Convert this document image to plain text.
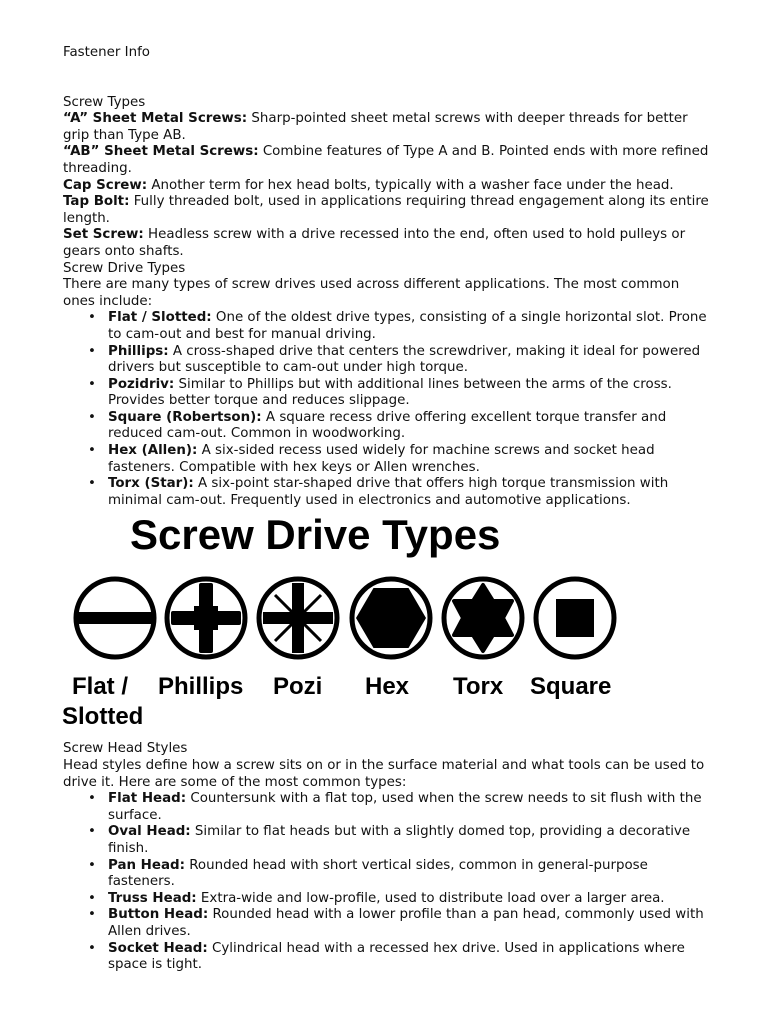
Fastener Info
Screw Types
“A” Sheet Metal Screws: Sharp-pointed sheet metal screws with deeper threads for better grip than Type AB.
“AB” Sheet Metal Screws: Combine features of Type A and B. Pointed ends with more refined threading.
Cap Screw: Another term for hex head bolts, typically with a washer face under the head.
Tap Bolt: Fully threaded bolt, used in applications requiring thread engagement along its entire length.
Set Screw: Headless screw with a drive recessed into the end, often used to hold pulleys or gears onto shafts.
Screw Drive Types
There are many types of screw drives used across different applications. The most common ones include:
• Flat / Slotted: One of the oldest drive types, consisting of a single horizontal slot. Prone to cam-out and best for manual driving.
• Phillips: A cross-shaped drive that centers the screwdriver, making it ideal for powered drivers but susceptible to cam-out under high torque.
• Pozidriv: Similar to Phillips but with additional lines between the arms of the cross. Provides better torque and reduces slippage.
• Square (Robertson): A square recess drive offering excellent torque transfer and reduced cam-out. Common in woodworking.
• Hex (Allen): A six-sided recess used widely for machine screws and socket head fasteners. Compatible with hex keys or Allen wrenches.
• Torx (Star): A six-point star-shaped drive that offers high torque transmission with minimal cam-out. Frequently used in electronics and automotive applications.
Screw Drive Types
Flat /
Slotted
Phillips Pozi Hex Torx Square
Screw Head Styles
Head styles define how a screw sits on or in the surface material and what tools can be used to drive it. Here are some of the most common types:
• Flat Head: Countersunk with a flat top, used when the screw needs to sit flush with the surface.
• Oval Head: Similar to flat heads but with a slightly domed top, providing a decorative finish.
• Pan Head: Rounded head with short vertical sides, common in general-purpose fasteners.
• Truss Head: Extra-wide and low-profile, used to distribute load over a larger area.
• Button Head: Rounded head with a lower profile than a pan head, commonly used with Allen drives.
• Socket Head: Cylindrical head with a recessed hex drive. Used in applications where space is tight.
